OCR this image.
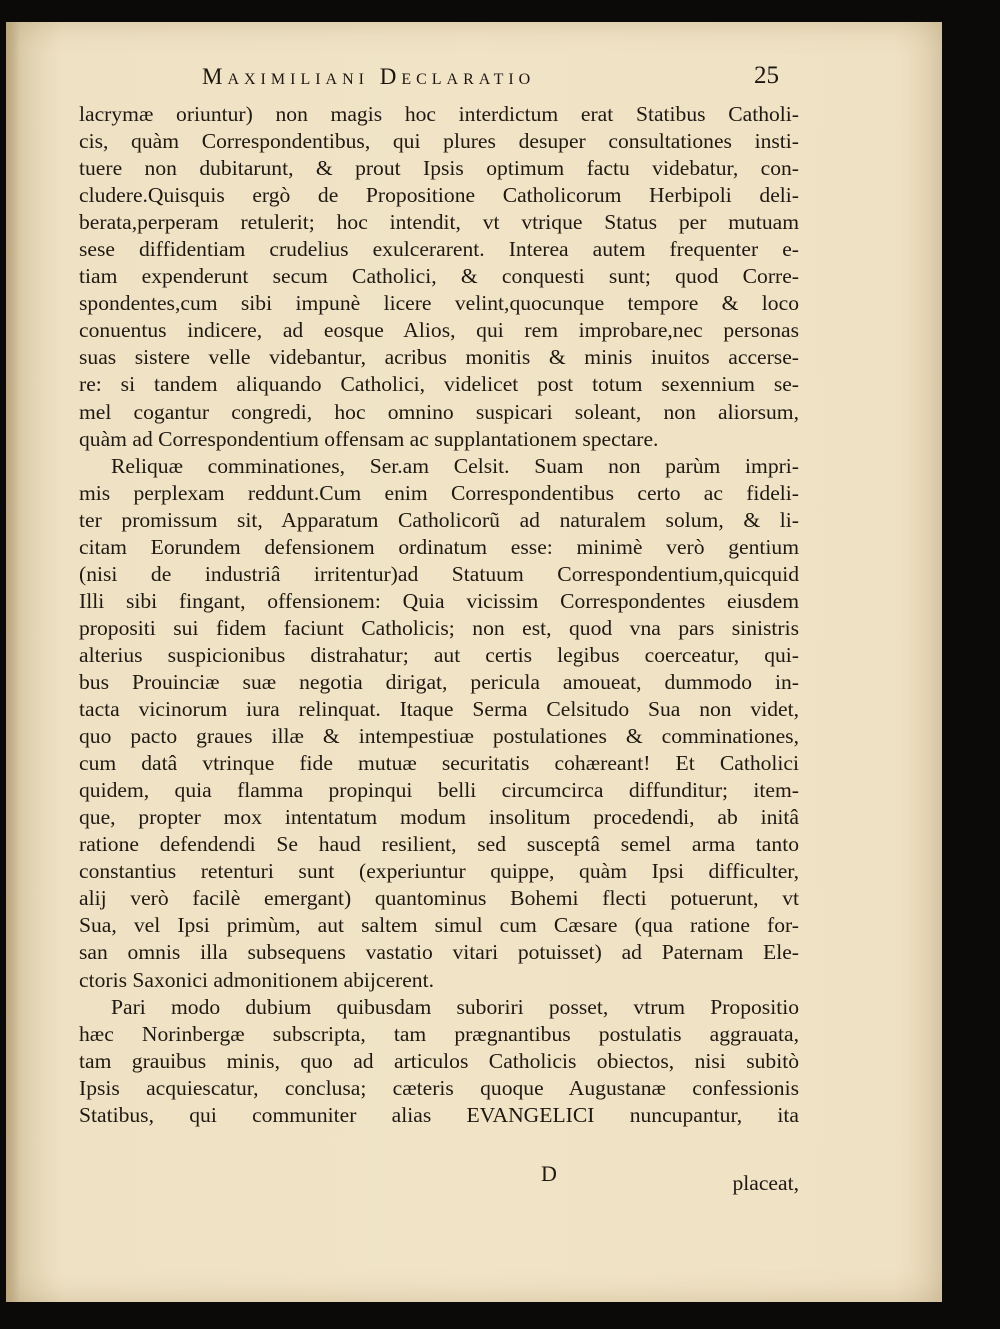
Maximiliani Declaratio	25
lacrymæ oriuntur) non magis hoc interdictum erat Statibus Catholi-
cis, quàm Correspondentibus, qui plures desuper consultationes insti-
tuere non dubitarunt, & prout Ipsis optimum factu videbatur, con-
cludere.Quisquis ergò de Propositione Catholicorum Herbipoli deli-
berata,perperam retulerit; hoc intendit, vt vtrique Status per mutuam
sese diffidentiam crudelius exulcerarent. Interea autem frequenter e-
tiam expenderunt secum Catholici, & conquesti sunt; quod Corre-
spondentes,cum sibi impunè licere velint,quocunque tempore & loco
conuentus indicere, ad eosque Alios, qui rem improbare,nec personas
suas sistere velle videbantur, acribus monitis & minis inuitos accerse-
re: si tandem aliquando Catholici, videlicet post totum sexennium se-
mel cogantur congredi, hoc omnino suspicari soleant, non aliorsum,
quàm ad Correspondentium offensam ac supplantationem spectare.
Reliquæ comminationes, Ser.am Celsit. Suam non parùm impri-
mis perplexam reddunt.Cum enim Correspondentibus certo ac fideli-
ter promissum sit, Apparatum Catholicorũ ad naturalem solum, & li-
citam Eorundem defensionem ordinatum esse: minimè verò gentium
(nisi de industriâ irritentur)ad Statuum Correspondentium,quicquid
Illi sibi fingant, offensionem: Quia vicissim Correspondentes eiusdem
propositi sui fidem faciunt Catholicis; non est, quod vna pars sinistris
alterius suspicionibus distrahatur; aut certis legibus coerceatur, qui-
bus Prouinciæ suæ negotia dirigat, pericula amoueat, dummodo in-
tacta vicinorum iura relinquat. Itaque Serma Celsitudo Sua non videt,
quo pacto graues illæ & intempestiuæ postulationes & comminationes,
cum datâ vtrinque fide mutuæ securitatis cohæreant! Et Catholici
quidem, quia flamma propinqui belli circumcirca diffunditur; item-
que, propter mox intentatum modum insolitum procedendi, ab initâ
ratione defendendi Se haud resilient, sed susceptâ semel arma tanto
constantius retenturi sunt (experiuntur quippe, quàm Ipsi difficulter,
alij verò facilè emergant) quantominus Bohemi flecti potuerunt, vt
Sua, vel Ipsi primùm, aut saltem simul cum Cæsare (qua ratione for-
san omnis illa subsequens vastatio vitari potuisset) ad Paternam Ele-
ctoris Saxonici admonitionem abijcerent.
Pari modo dubium quibusdam suboriri posset, vtrum Propositio
hæc Norinbergæ subscripta, tam prægnantibus postulatis aggrauata,
tam grauibus minis, quo ad articulos Catholicis obiectos, nisi subitò
Ipsis acquiescatur, conclusa; cæteris quoque Augustanæ confessionis
Statibus, qui communiter alias EVANGELICI nuncupantur, ita
D	placeat,
